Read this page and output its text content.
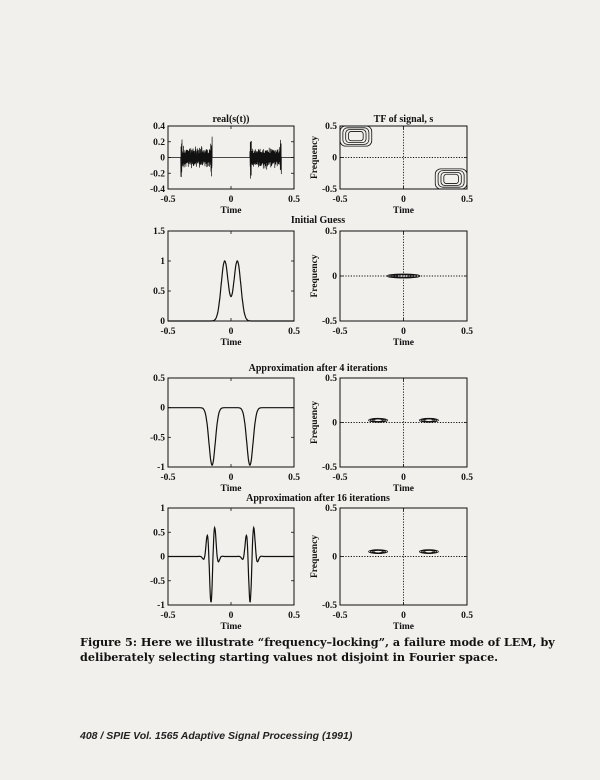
Initial Guess
Approximation after 4 iterations
Approximation after 16 iterations
real(s(t))
Time
-0.5	0	0.5
0.4
0.2
0
-0.2
-0.4
TF of signal, s
Time
Frequency
-0.5	0	0.5
0.5
0
-0.5
Time
-0.5	0	0.5
1.5
1
0.5
0
Time
Frequency
-0.5	0	0.5
0.5
0
-0.5
Time
-0.5	0	0.5
0.5
0
-0.5
-1
Time
Frequency
-0.5	0	0.5
0.5
0
-0.5
Time
-0.5	0	0.5
1
0.5
0
-0.5
-1
Time
Frequency
-0.5	0	0.5
0.5
0
-0.5
Figure 5: Here we illustrate “frequency–locking”, a failure mode of LEM, by deliberately selecting starting values not disjoint in Fourier space.
408 / SPIE Vol. 1565 Adaptive Signal Processing (1991)
